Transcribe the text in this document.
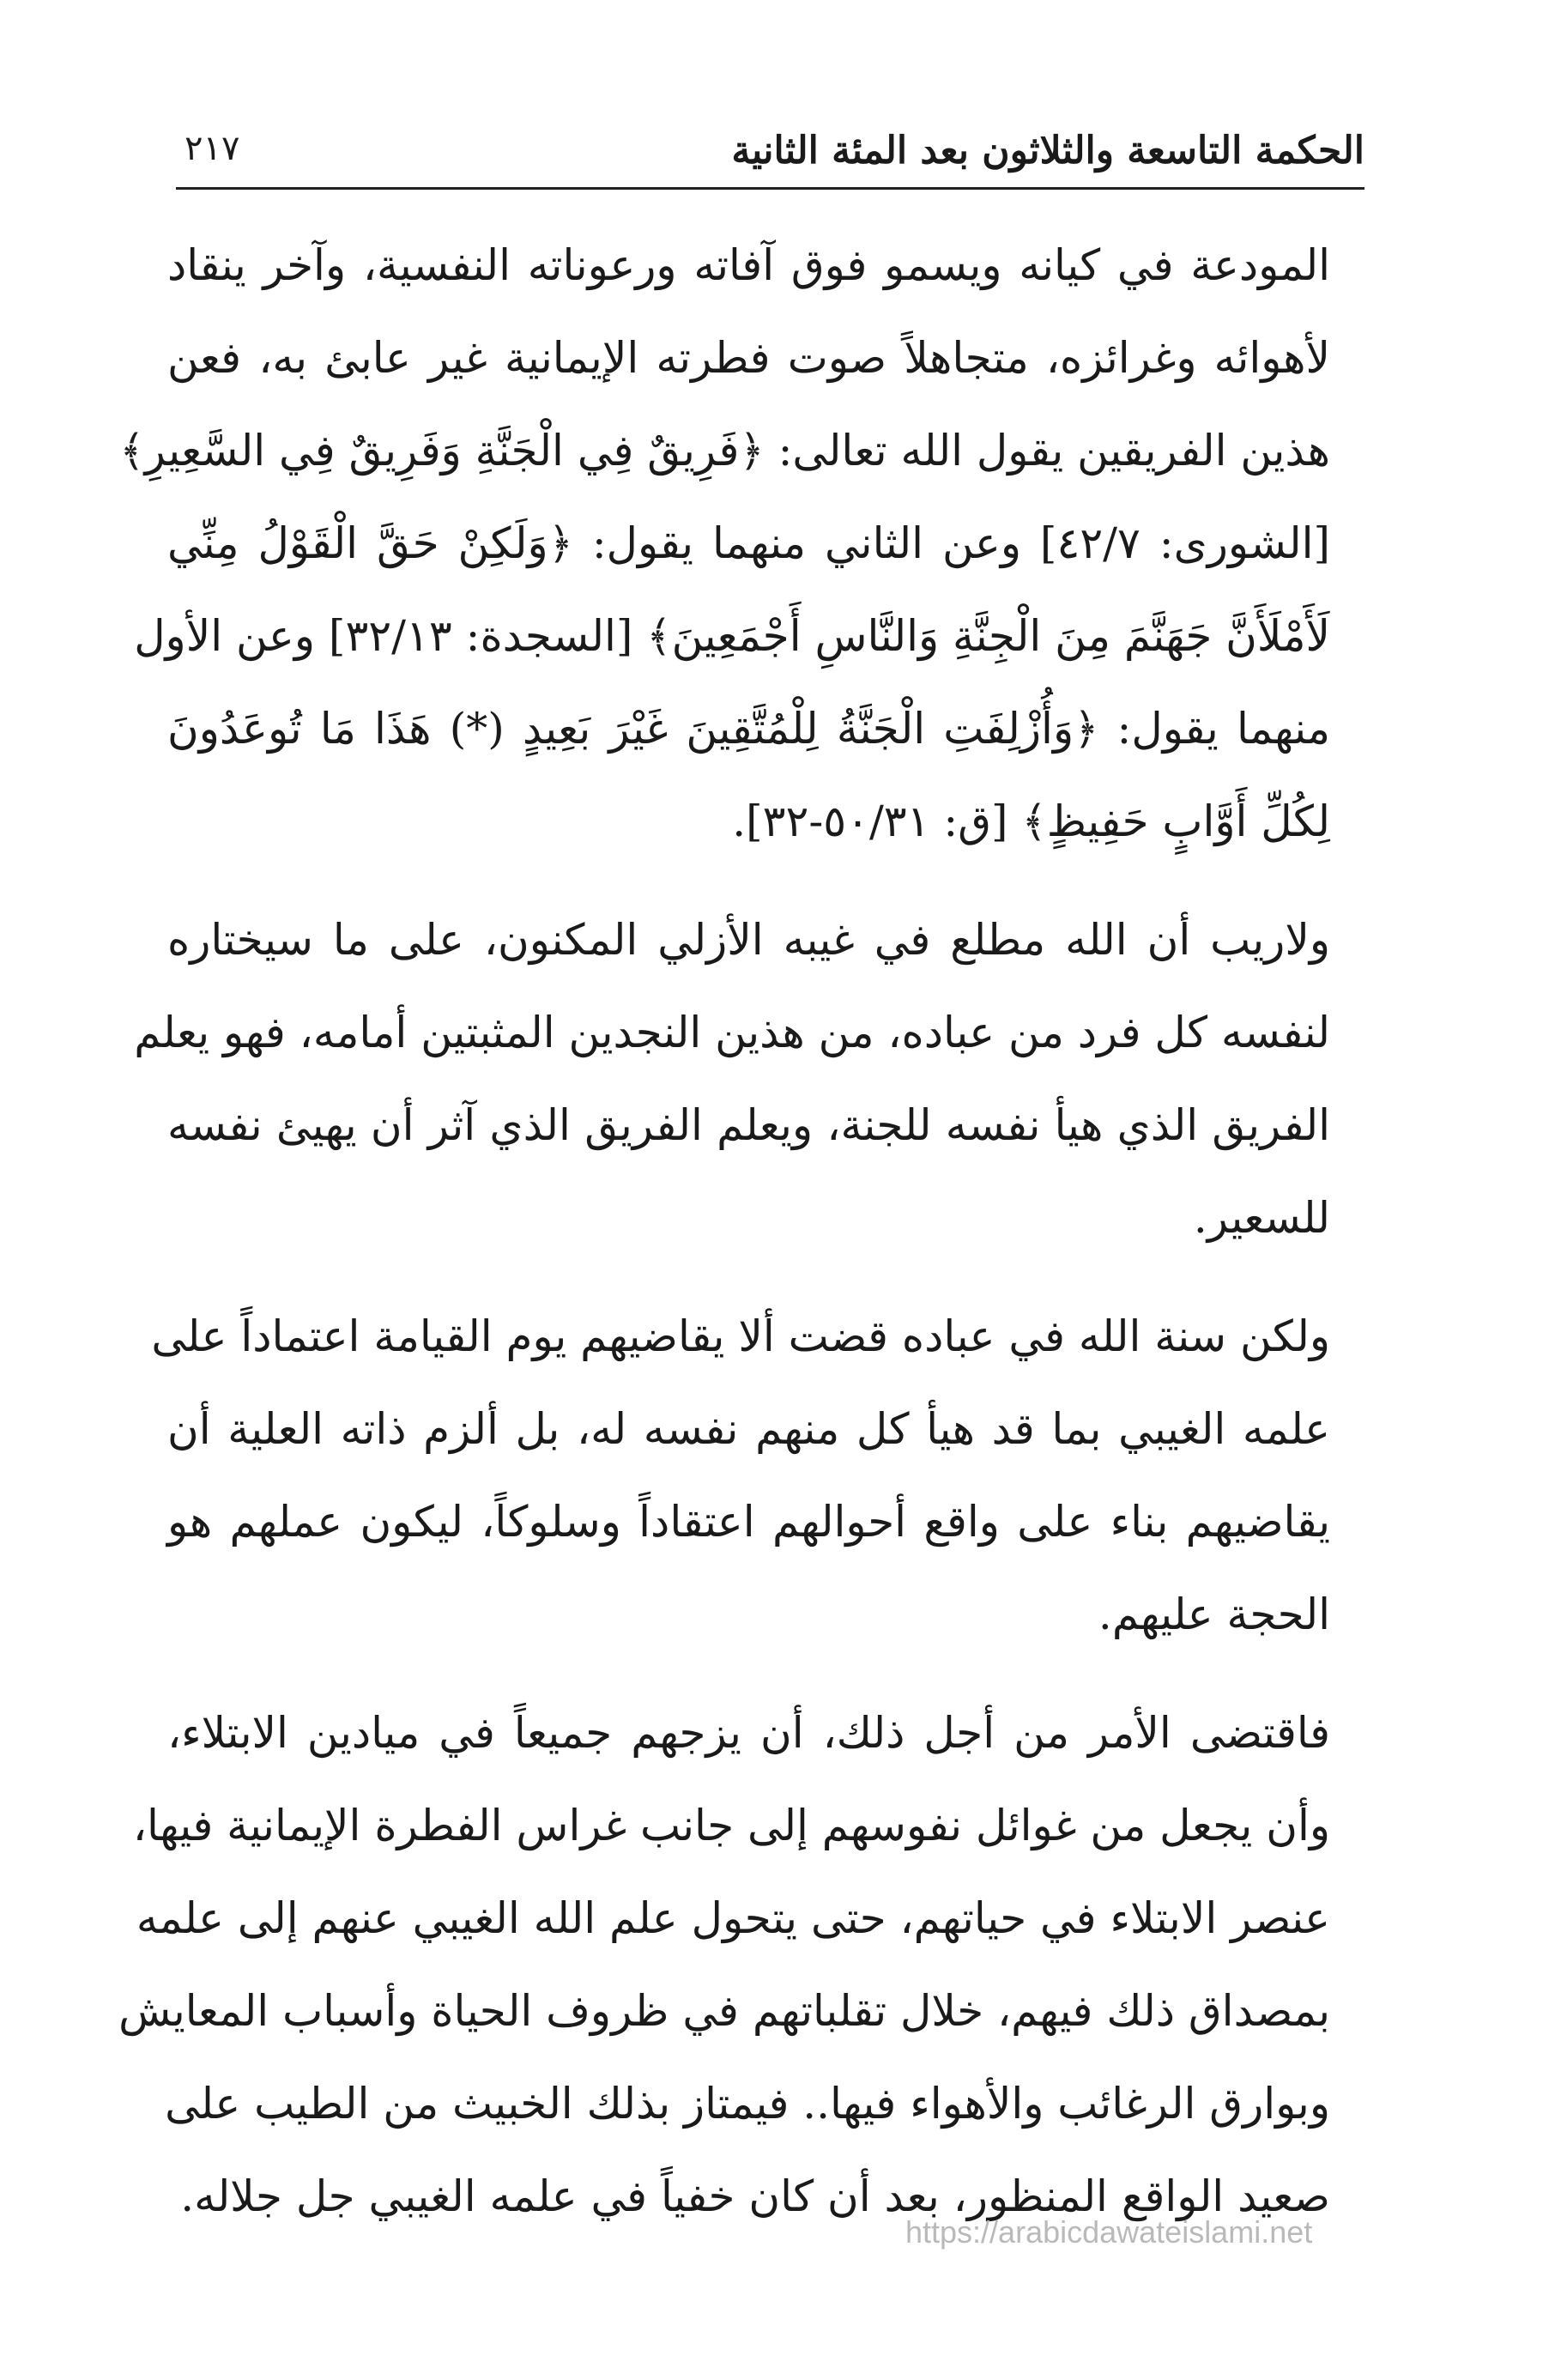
الحكمة التاسعة والثلاثون بعد المئة الثانية
٢١٧
المودعة في كيانه ويسمو فوق آفاته ورعوناته النفسية، وآخر ينقاد
لأهوائه وغرائزه، متجاهلاً صوت فطرته الإيمانية غير عابئ به، فعن
هذين الفريقين يقول الله تعالى: ﴿فَرِيقٌ فِي الْجَنَّةِ وَفَرِيقٌ فِي السَّعِيرِ﴾
[الشورى: ٤٢/٧] وعن الثاني منهما يقول: ﴿وَلَكِنْ حَقَّ الْقَوْلُ مِنِّي
لَأَمْلَأَنَّ جَهَنَّمَ مِنَ الْجِنَّةِ وَالنَّاسِ أَجْمَعِينَ﴾ [السجدة: ٣٢/١٣] وعن الأول
منهما يقول: ﴿وَأُزْلِفَتِ الْجَنَّةُ لِلْمُتَّقِينَ غَيْرَ بَعِيدٍ (*) هَذَا مَا تُوعَدُونَ
لِكُلِّ أَوَّابٍ حَفِيظٍ﴾ [ق: ٥٠/٣١-٣٢].
ولاريب أن الله مطلع في غيبه الأزلي المكنون، على ما سيختاره
لنفسه كل فرد من عباده، من هذين النجدين المثبتين أمامه، فهو يعلم
الفريق الذي هيأ نفسه للجنة، ويعلم الفريق الذي آثر أن يهيئ نفسه
للسعير.
ولكن سنة الله في عباده قضت ألا يقاضيهم يوم القيامة اعتماداً على
علمه الغيبي بما قد هيأ كل منهم نفسه له، بل ألزم ذاته العلية أن
يقاضيهم بناء على واقع أحوالهم اعتقاداً وسلوكاً، ليكون عملهم هو
الحجة عليهم.
فاقتضى الأمر من أجل ذلك، أن يزجهم جميعاً في ميادين الابتلاء،
وأن يجعل من غوائل نفوسهم إلى جانب غراس الفطرة الإيمانية فيها،
عنصر الابتلاء في حياتهم، حتى يتحول علم الله الغيبي عنهم إلى علمه
بمصداق ذلك فيهم، خلال تقلباتهم في ظروف الحياة وأسباب المعايش
وبوارق الرغائب والأهواء فيها.. فيمتاز بذلك الخبيث من الطيب على
صعيد الواقع المنظور، بعد أن كان خفياً في علمه الغيبي جل جلاله.
https://arabicdawateislami.net
